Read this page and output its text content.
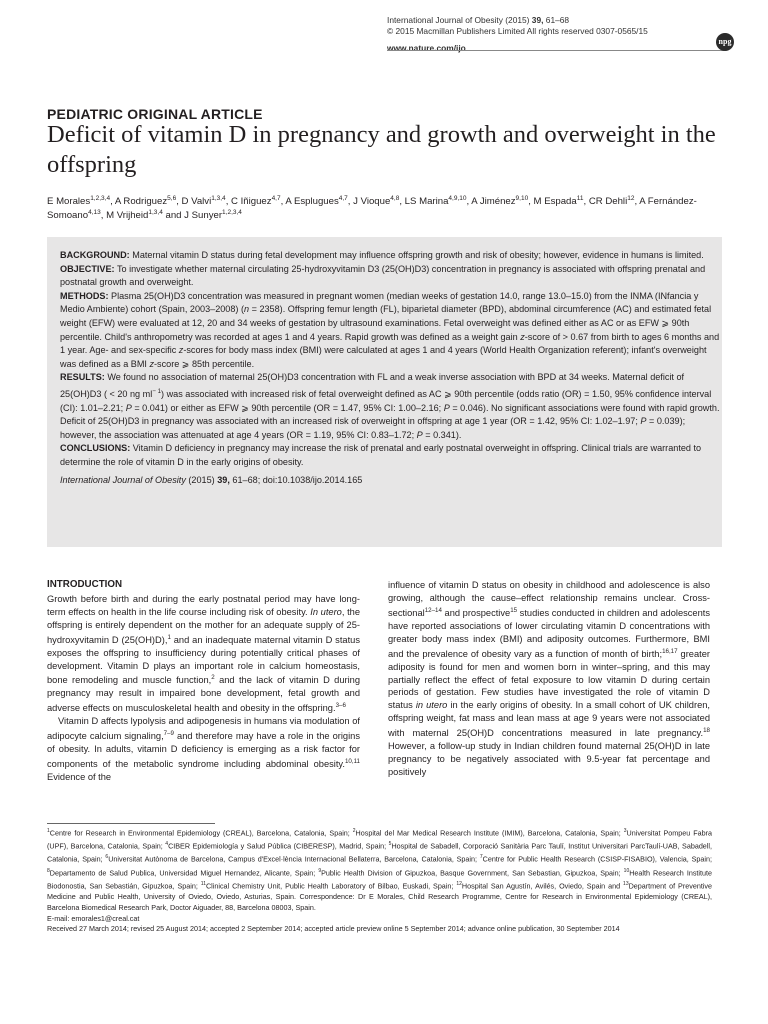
International Journal of Obesity (2015) 39, 61–68
© 2015 Macmillan Publishers Limited All rights reserved 0307-0565/15
www.nature.com/ijo
npg
PEDIATRIC ORIGINAL ARTICLE
Deficit of vitamin D in pregnancy and growth and overweight in the offspring
E Morales$^{1,2,3,4}$, A Rodriguez$^{5,6}$, D Valvi$^{1,3,4}$, C Iñiguez$^{4,7}$, A Esplugues$^{4,7}$, J Vioque$^{4,8}$, LS Marina$^{4,9,10}$, A Jiménez$^{9,10}$, M Espada$^{11}$, CR Dehli$^{12}$, A Fernández-Somoano$^{4,13}$, M Vrijheid$^{1,3,4}$ and J Sunyer$^{1,2,3,4}$

BACKGROUND: Maternal vitamin D status during fetal development may influence offspring growth and risk of obesity; however, evidence in humans is limited.

OBJECTIVE: To investigate whether maternal circulating 25-hydroxyvitamin D3 (25(OH)D3) concentration in pregnancy is associated with offspring prenatal and postnatal growth and overweight.

METHODS: Plasma 25(OH)D3 concentration was measured in pregnant women (median weeks of gestation 14.0, range 13.0–15.0) from the INMA (INfancia y Medio Ambiente) cohort (Spain, 2003–2008) (n = 2358). Offspring femur length (FL), biparietal diameter (BPD), abdominal circumference (AC) and estimated fetal weight (EFW) were evaluated at 12, 20 and 34 weeks of gestation by ultrasound examinations. Fetal overweight was defined either as AC or as EFW ⩾ 90th percentile. Child's anthropometry was recorded at ages 1 and 4 years. Rapid growth was defined as a weight gain z-score of > 0.67 from birth to ages 6 months and 1 year. Age- and sex-specific z-scores for body mass index (BMI) were calculated at ages 1 and 4 years (World Health Organization referent); infant's overweight was defined as a BMI z-score ⩾ 85th percentile.

RESULTS: We found no association of maternal 25(OH)D3 concentration with FL and a weak inverse association with BPD at 34 weeks. Maternal deficit of 25(OH)D3 ( < 20 ng $ml^{- 1}$) was associated with increased risk of fetal overweight defined as AC ⩾ 90th percentile (odds ratio (OR) = 1.50, 95% confidence interval (CI): 1.01–2.21; P = 0.041) or either as EFW ⩾ 90th percentile (OR = 1.47, 95% CI: 1.00–2.16; P = 0.046). No significant associations were found with rapid growth. Deficit of 25(OH)D3 in pregnancy was associated with an increased risk of overweight in offspring at age 1 year (OR = 1.42, 95% CI: 1.02–1.97; P = 0.039); however, the association was attenuated at age 4 years (OR = 1.19, 95% CI: 0.83–1.72; P = 0.341).

CONCLUSIONS: Vitamin D deficiency in pregnancy may increase the risk of prenatal and early postnatal overweight in offspring. Clinical trials are warranted to determine the role of vitamin D in the early origins of obesity.

International Journal of Obesity (2015) 39, 61–68; doi:10.1038/ijo.2014.165

INTRODUCTION

Growth before birth and during the early postnatal period may have long-term effects on health in the life course including risk of obesity. In utero, the offspring is entirely dependent on the mother for an adequate supply of 25-hydroxyvitamin D (25(OH)D),$^1$ and an inadequate maternal vitamin D status exposes the offspring to insufficiency during potentially critical phases of development. Vitamin D plays an important role in calcium homeostasis, bone remodeling and muscle function,$^2$ and the lack of vitamin D during pregnancy may result in impaired bone development, fetal growth and adverse effects on musculoskeletal health and obesity in the offspring.$^{3-6}$

Vitamin D affects lypolysis and adipogenesis in humans via modulation of adipocyte calcium signaling,$^{7-9}$ and therefore may have a role in the origins of obesity. In adults, vitamin D deficiency is emerging as a risk factor for components of the metabolic syndrome including abdominal obesity.$^{10,11}$ Evidence of the

influence of vitamin D status on obesity in childhood and adolescence is also growing, although the cause–effect relationship remains unclear. Cross-sectional$^{12-14}$ and prospective$^{15}$ studies conducted in children and adolescents have reported associations of lower circulating vitamin D concentrations with greater body mass index (BMI) and adiposity outcomes. Furthermore, BMI and the prevalence of obesity vary as a function of month of birth;$^{16,17}$ greater adiposity is found for men and women born in winter–spring, and this may partially reflect the effect of fetal exposure to low vitamin D during certain periods of gestation. Few studies have investigated the role of vitamin D status in utero in the early origins of obesity. In a small cohort of UK children, offspring weight, fat mass and lean mass at age 9 years were not associated with maternal 25(OH)D concentrations measured in late pregnancy.$^{18}$ However, a follow-up study in Indian children found maternal 25(OH)D in late pregnancy to be negatively associated with 9.5-year fat percentage and positively

$^1$Centre for Research in Environmental Epidemiology (CREAL), Barcelona, Catalonia, Spain; $^2$Hospital del Mar Medical Research Institute (IMIM), Barcelona, Catalonia, Spain; $^3$Universitat Pompeu Fabra (UPF), Barcelona, Catalonia, Spain; $^4$CIBER Epidemiología y Salud Pública (CIBERESP), Madrid, Spain; $^5$Hospital de Sabadell, Corporació Sanitària Parc Taulí, Institut Universitari ParcTaulí-UAB, Sabadell, Catalonia, Spain; $^6$Universitat Autònoma de Barcelona, Campus d'Excel·lència Internacional Bellaterra, Barcelona, Catalonia, Spain; $^7$Centre for Public Health Research (CSISP-FISABIO), Valencia, Spain; $^8$Departamento de Salud Publica, Universidad Miguel Hernandez, Alicante, Spain; $^9$Public Health Division of Gipuzkoa, Basque Government, San Sebastian, Gipuzkoa, Spain; $^{10}$Health Research Institute Biodonostia, San Sebastián, Gipuzkoa, Spain; $^{11}$Clinical Chemistry Unit, Public Health Laboratory of Bilbao, Euskadi, Spain; $^{12}$Hospital San Agustín, Avilés, Oviedo, Spain and $^{13}$Department of Preventive Medicine and Public Health, University of Oviedo, Oviedo, Asturias, Spain. Correspondence: Dr E Morales, Child Research Programme, Centre for Research in Environmental Epidemiology (CREAL), Barcelona Biomedical Research Park, Doctor Aiguader, 88, Barcelona 08003, Spain.

E-mail: emorales1@creal.cat

Received 27 March 2014; revised 25 August 2014; accepted 2 September 2014; accepted article preview online 5 September 2014; advance online publication, 30 September 2014
